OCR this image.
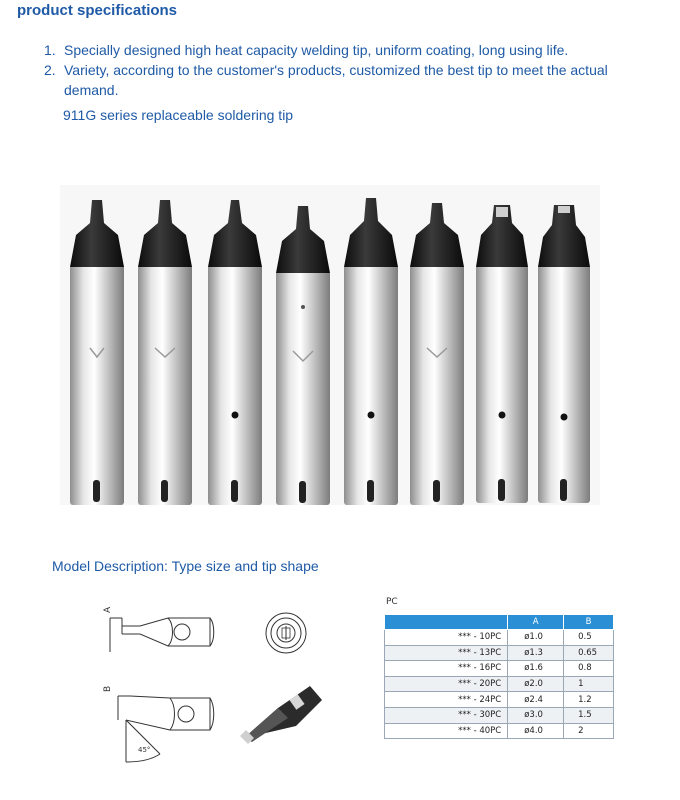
product specifications
1. Specially designed high heat capacity welding tip, uniform coating, long using life.
2. Variety, according to the customer's products, customized the best tip to meet the actual demand.
911G series replaceable soldering tip
Model Description: Type size and tip shape
A
45°
B
PC
	A	B
*** - 10PC	ø1.0	0.5
*** - 13PC	ø1.3	0.65
*** - 16PC	ø1.6	0.8
*** - 20PC	ø2.0	1
*** - 24PC	ø2.4	1.2
*** - 30PC	ø3.0	1.5
*** - 40PC	ø4.0	2
